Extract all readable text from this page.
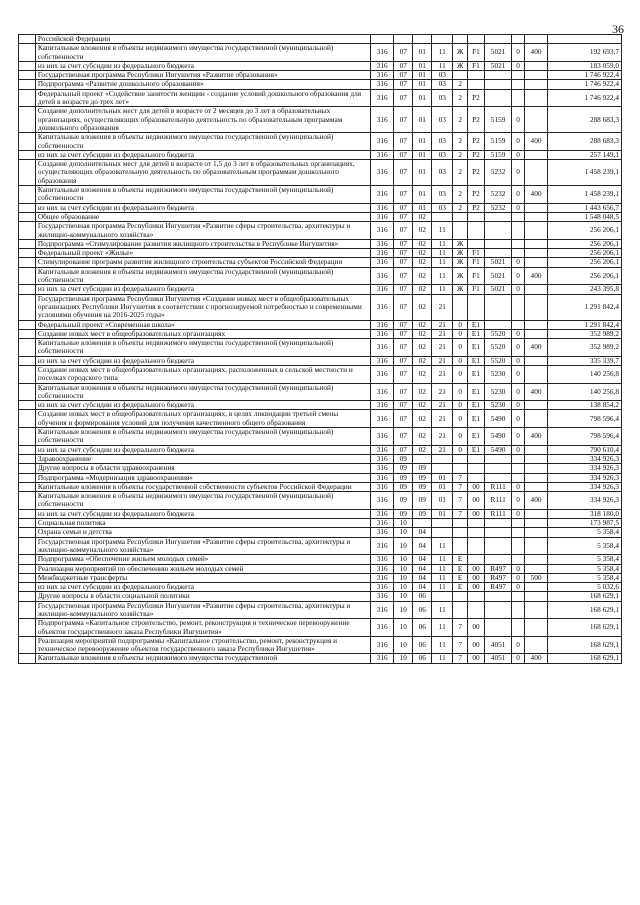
36
	Российской Федерации										
	Капитальные вложения в объекты недвижимого имущества государственной (муниципальной) собственности	316	07	01	11	Ж	F1	5021	0	400	192 693,7
	из них за счет субсидии из федерального бюджета	316	07	01	11	Ж	F1	5021	0		183 059,0
	Государственная программа Республики Ингушетия «Развитие образования»	316	07	01	03						1 746 922,4
	Подпрограмма «Развитие дошкольного образования»	316	07	01	03	2					1 746 922,4
	Федеральный проект «Содействие занятости женщин - создание условий дошкольного образования для детей в возрасте до трех лет»	316	07	01	03	2	P2				1 746 922,4
	Создание дополнительных мест для детей в возрасте от 2 месяцев до 3 лет в образовательных организациях, осуществляющих образовательную деятельность по образовательным программам дошкольного образования	316	07	01	03	2	P2	5159	0		288 683,3
	Капитальные вложения в объекты недвижимого имущества государственной (муниципальной) собственности	316	07	01	03	2	P2	5159	0	400	288 683,3
	из них за счет субсидии из федерального бюджета	316	07	01	03	2	P2	5159	0		257 149,1
	Создание дополнительных мест для детей в возрасте от 1,5 до 3 лет в образовательных организациях, осуществляющих образовательную деятельность по образовательным программам дошкольного образования	316	07	01	03	2	P2	5232	0		1 458 239,1
	Капитальные вложения в объекты недвижимого имущества государственной (муниципальной) собственности	316	07	01	03	2	P2	5232	0	400	1 458 239,1
	из них за счет субсидии из федерального бюджета	316	07	01	03	2	P2	5232	0		1 443 656,7
	Общее образование	316	07	02							1 548 048,5
	Государственная программа Республики Ингушетия «Развитие сферы строительства, архитектуры и жилищно-коммунального хозяйства»	316	07	02	11						256 206,1
	Подпрограмма «Стимулирование развития жилищного строительства в Республике Ингушетия»	316	07	02	11	Ж					256 206,1
	Федеральный проект «Жилье»	316	07	02	11	Ж	F1				256 206,1
	Стимулирование программ развития жилищного строительства субъектов Российской Федерации	316	07	02	11	Ж	F1	5021	0		256 206,1
	Капитальные вложения в объекты недвижимого имущества государственной (муниципальной) собственности	316	07	02	11	Ж	F1	5021	0	400	256 206,1
	из них за счет субсидии из федерального бюджета	316	07	02	11	Ж	F1	5021	0		243 395,8
	Государственная программа Республики Ингушетия «Создание новых мест в общеобразовательных организациях Республики Ингушетия в соответствии с прогнозируемой потребностью и современными условиями обучения на 2016-2025 годы»	316	07	02	21						1 291 842,4
	Федеральный проект «Современная школа»	316	07	02	21	0	E1				1 291 842,4
	Создание новых мест в общеобразовательных организациях	316	07	02	21	0	E1	5520	0		352 989,2
	Капитальные вложения в объекты недвижимого имущества государственной (муниципальной) собственности	316	07	02	21	0	E1	5520	0	400	352 989,2
	из них за счет субсидии из федерального бюджета	316	07	02	21	0	E1	5520	0		335 339,7
	Создание новых мест в общеобразовательных организациях, расположенных в сельской местности и поселках городского типа	316	07	02	21	0	E1	5230	0		140 256,8
	Капитальные вложения в объекты недвижимого имущества государственной (муниципальной) собственности	316	07	02	21	0	E1	5230	0	400	140 256,8
	из них за счет субсидии из федерального бюджета	316	07	02	21	0	E1	5230	0		138 854,2
	Создание новых мест в общеобразовательных организациях, в целях ликвидации третьей смены обучения и формирования условий для получения качественного общего образования	316	07	02	21	0	E1	5490	0		798 596,4
	Капитальные вложения в объекты недвижимого имущества государственной (муниципальной) собственности	316	07	02	21	0	E1	5490	0	400	798 596,4
	из них за счет субсидии из федерального бюджета	316	07	02	21	0	E1	5490	0		790 610,4
	Здравоохранение	316	09								334 926,3
	Другие вопросы в области здравоохранения	316	09	09							334 926,3
	Подпрограмма «Модернизация здравоохранения»	316	09	09	01	7					334 926,3
	Капитальные вложения в объекты государственной собственности субъектов Российской Федерации	316	09	09	01	7	00	R111	0		334 926,3
	Капитальные вложения в объекты недвижимого имущества государственной (муниципальной) собственности	316	09	09	01	7	00	R111	0	400	334 926,3
	из них за счет субсидии из федерального бюджета	316	09	09	01	7	00	R111	0		318 180,0
	Социальная политика	316	10								173 987,5
	Охрана семьи и детства	316	10	04							5 358,4
	Государственная программа Республики Ингушетия «Развитие сферы строительства, архитектуры и жилищно-коммунального хозяйства»	316	10	04	11						5 358,4
	Подпрограмма «Обеспечение жильем молодых семей»	316	10	04	11	Е					5 358,4
	Реализация мероприятий по обеспечению жильем молодых семей	316	10	04	11	Е	00	R497	0		5 358,4
	Межбюджетные трансферты	316	10	04	11	Е	00	R497	0	500	5 358,4
	из них за счет субсидии из федерального бюджета	316	10	04	11	Е	00	R497	0		5 032,6
	Другие вопросы в области социальной политики	316	10	06							168 629,1
	Государственная программа Республики Ингушетия «Развитие сферы строительства, архитектуры и жилищно-коммунального хозяйства»	316	10	06	11						168 629,1
	Подпрограмма «Капитальное строительство, ремонт, реконструкция и техническое перевооружение объектов государственного заказа Республики Ингушетия»	316	10	06	11	7	00				168 629,1
	Реализация мероприятий подпрограммы «Капитальное строительство, ремонт, реконструкция и техническое перевооружение объектов государственного заказа Республики Ингушетия»	316	10	06	11	7	00	4051	0		168 629,1
	Капитальные вложения в объекты недвижимого имущества государственной	316	10	06	11	7	00	4051	0	400	168 629,1
